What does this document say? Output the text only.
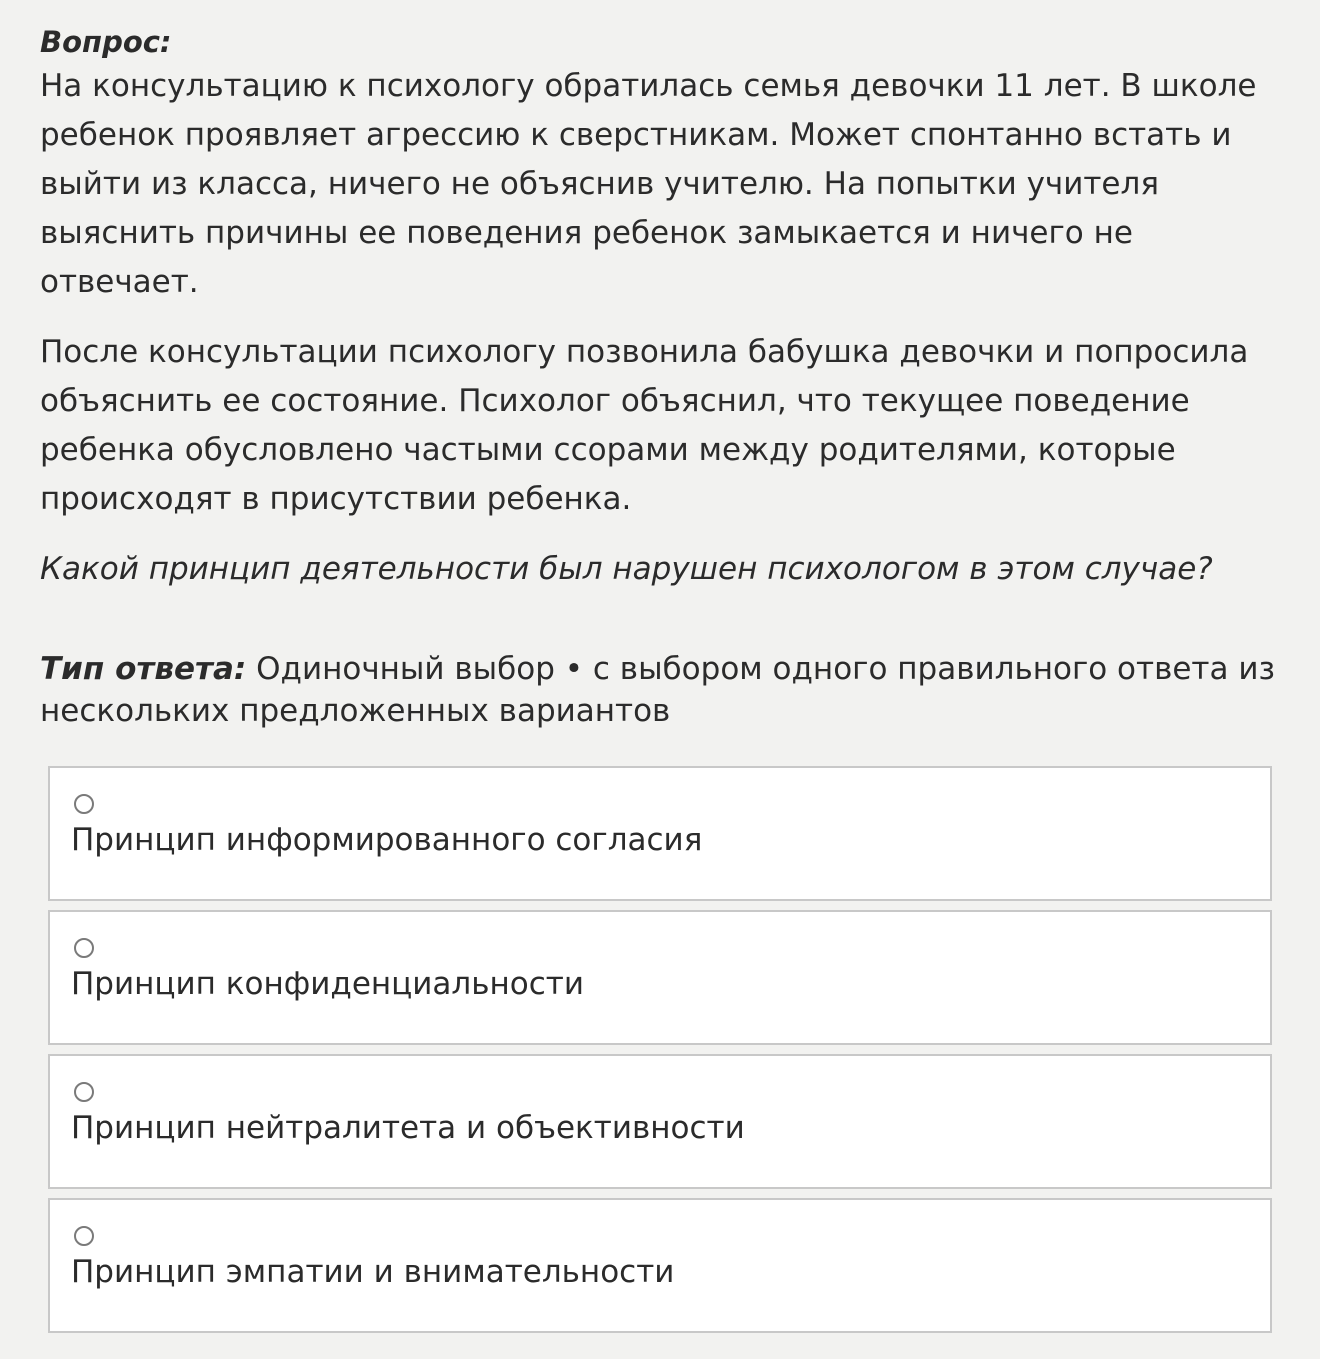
Вопрос:

На консультацию к психологу обратилась семья девочки 11 лет. В школе ребенок проявляет агрессию к сверстникам. Может спонтанно встать и выйти из класса, ничего не объяснив учителю. На попытки учителя выяснить причины ее поведения ребенок замыкается и ничего не отвечает.

После консультации психологу позвонила бабушка девочки и попросила объяснить ее состояние. Психолог объяснил, что текущее поведение ребенка обусловлено частыми ссорами между родителями, которые происходят в присутствии ребенка.

Какой принцип деятельности был нарушен психологом в этом случае?
Тип ответа: Одиночный выбор • с выбором одного правильного ответа из нескольких предложенных вариантов
Принцип информированного согласия
Принцип конфиденциальности
Принцип нейтралитета и объективности
Принцип эмпатии и внимательности
